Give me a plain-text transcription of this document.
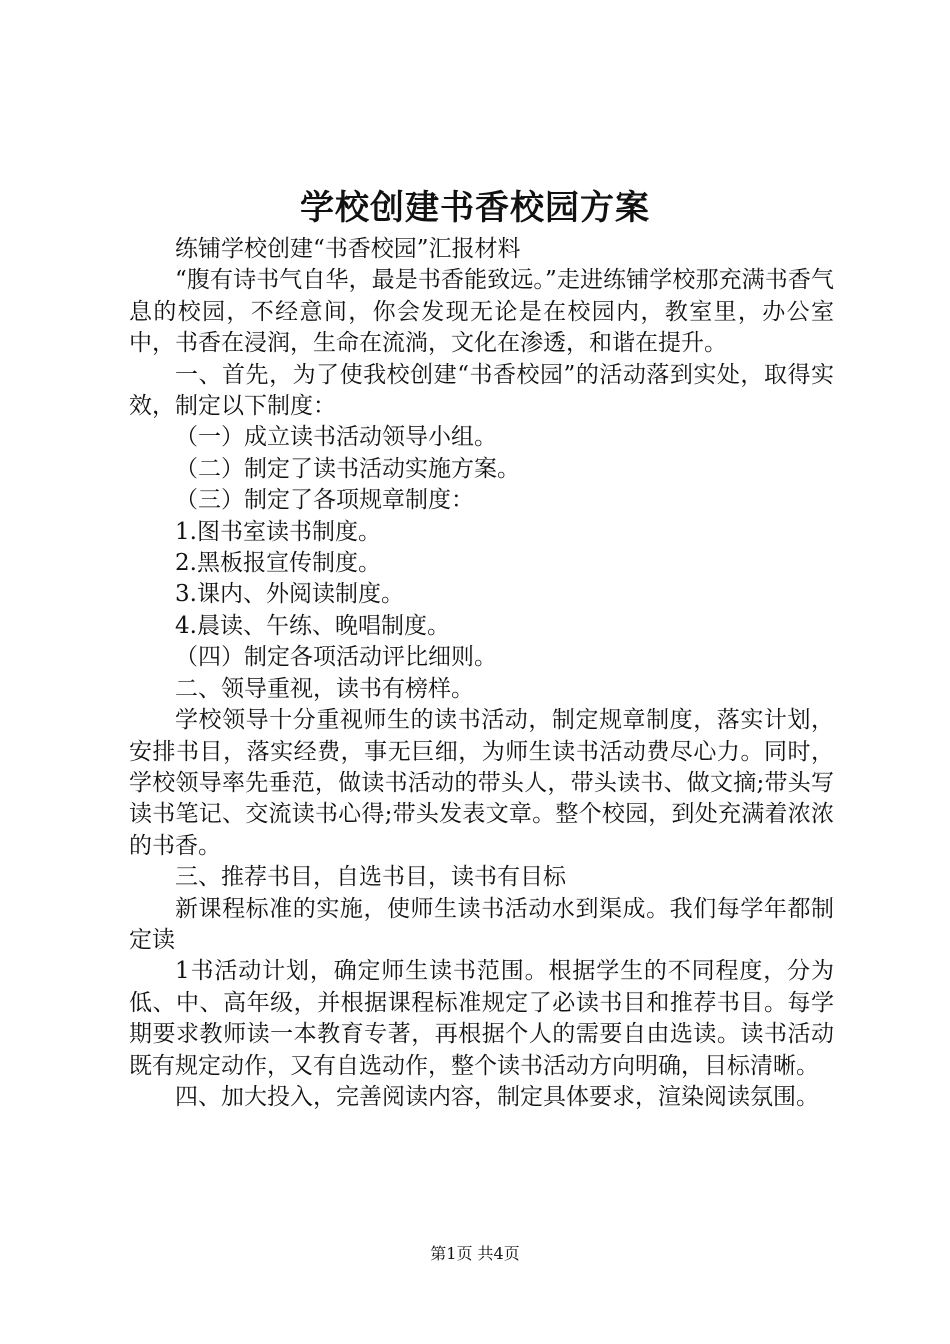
学校创建书香校园方案

练铺学校创建“书香校园”汇报材料

“腹有诗书气自华，最是书香能致远。”走进练铺学校那充满书香气息的校园，不经意间，你会发现无论是在校园内，教室里，办公室中，书香在浸润，生命在流淌，文化在渗透，和谐在提升。

一、首先，为了使我校创建“书香校园”的活动落到实处，取得实效，制定以下制度：

（一）成立读书活动领导小组。

（二）制定了读书活动实施方案。

（三）制定了各项规章制度：

1.图书室读书制度。

2.黑板报宣传制度。

3.课内、外阅读制度。

4.晨读、午练、晚唱制度。

（四）制定各项活动评比细则。

二、领导重视，读书有榜样。

学校领导十分重视师生的读书活动，制定规章制度，落实计划，安排书目，落实经费，事无巨细，为师生读书活动费尽心力。同时，学校领导率先垂范，做读书活动的带头人，带头读书、做文摘;带头写读书笔记、交流读书心得;带头发表文章。整个校园，到处充满着浓浓的书香。

三、推荐书目，自选书目，读书有目标

新课程标准的实施，使师生读书活动水到渠成。我们每学年都制定读

1书活动计划，确定师生读书范围。根据学生的不同程度，分为低、中、高年级，并根据课程标准规定了必读书目和推荐书目。每学期要求教师读一本教育专著，再根据个人的需要自由选读。读书活动既有规定动作，又有自选动作，整个读书活动方向明确，目标清晰。

四、加大投入，完善阅读内容，制定具体要求，渲染阅读氛围。

第1页 共4页
